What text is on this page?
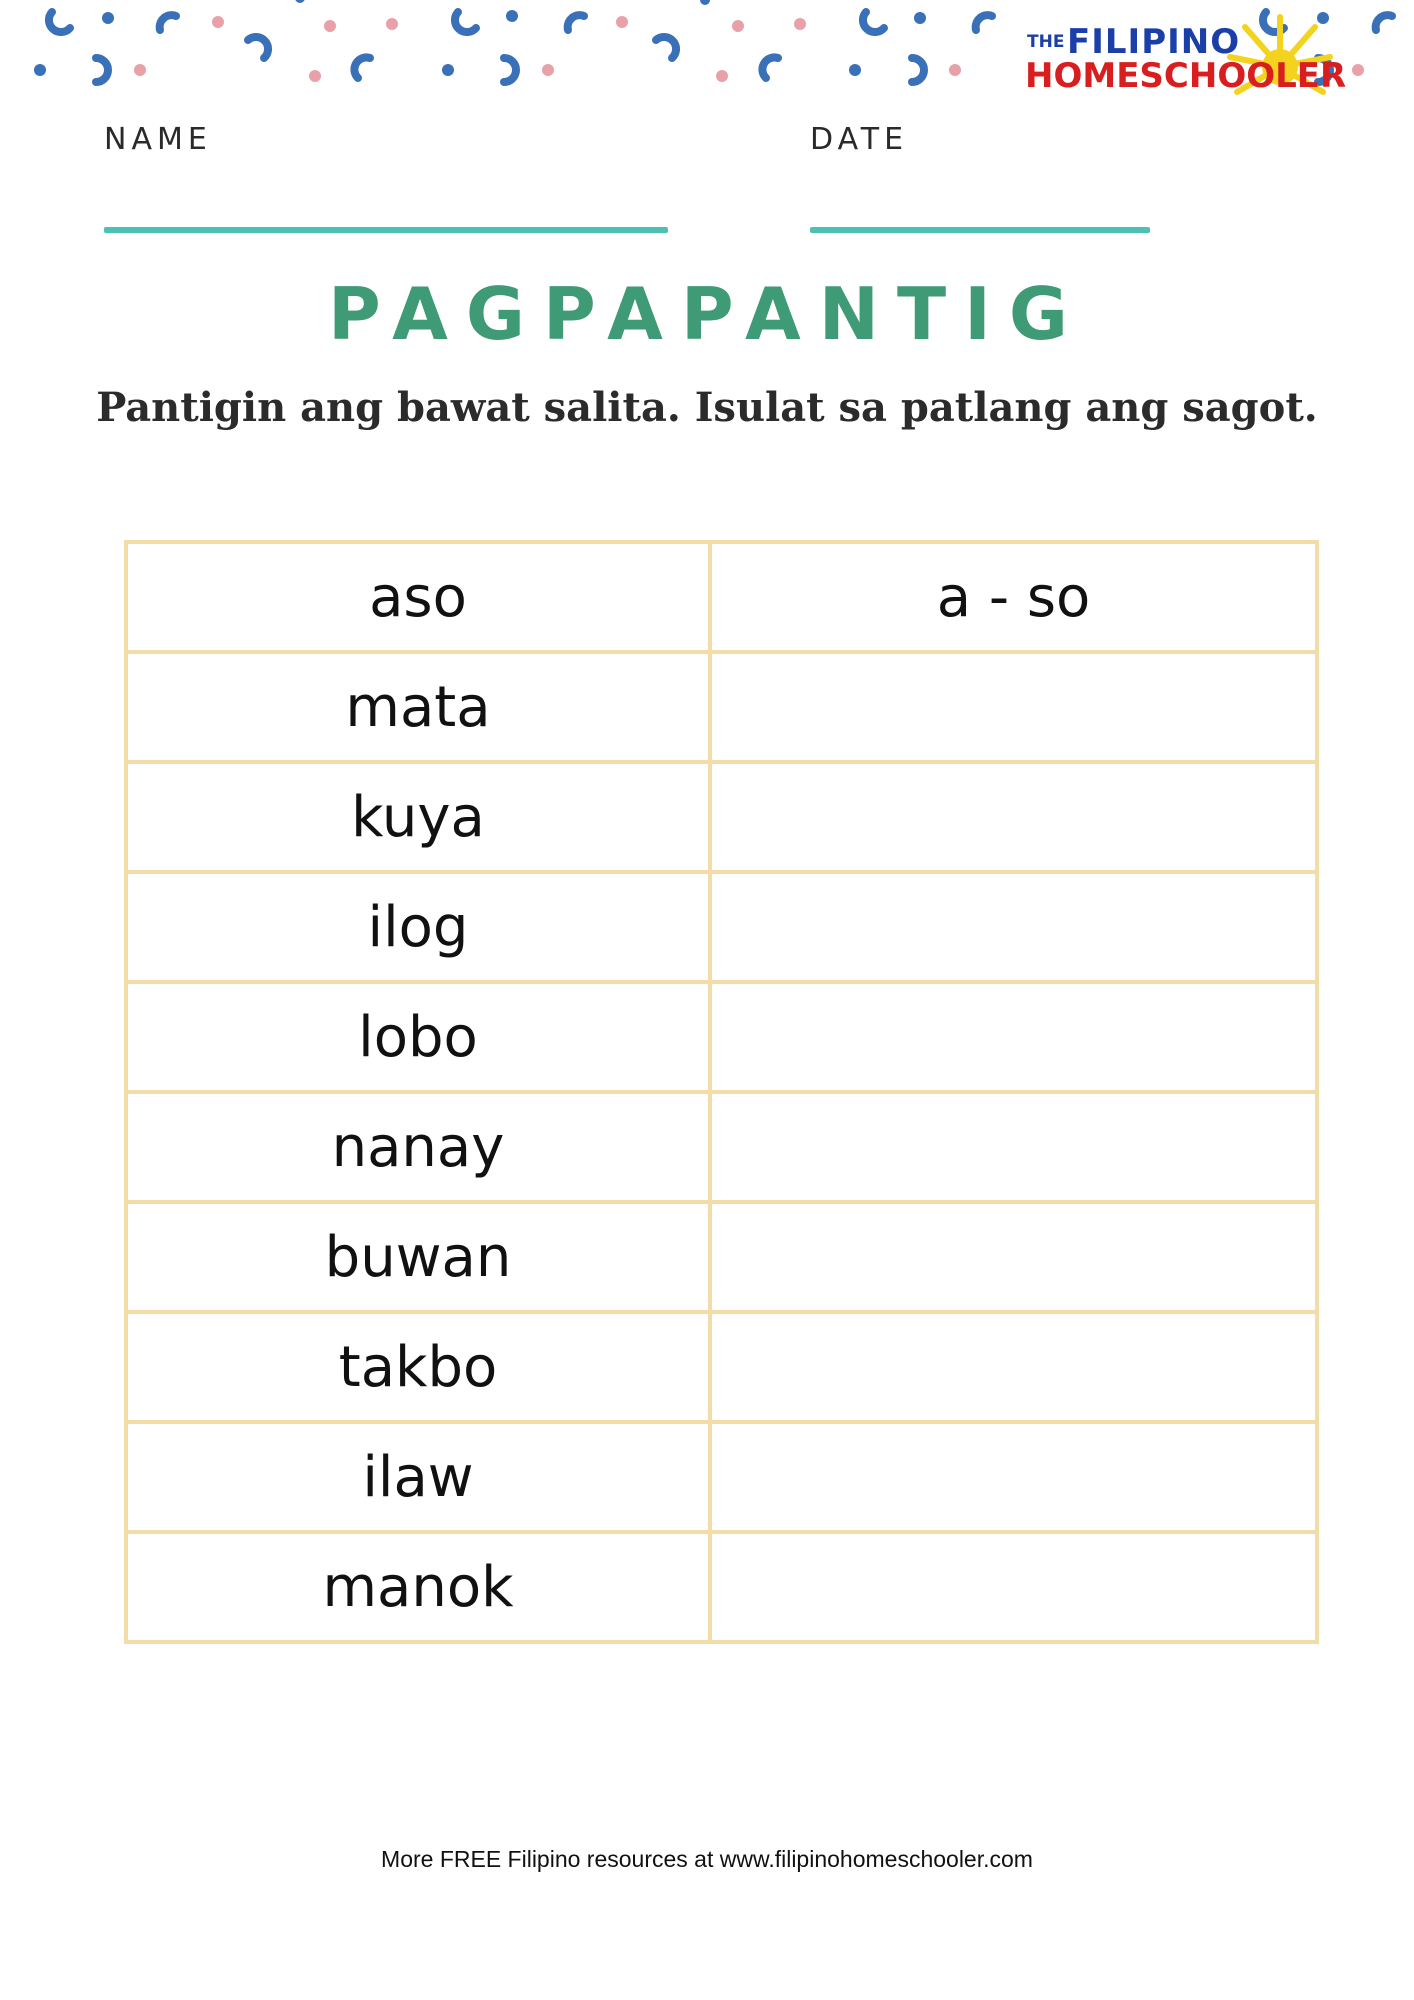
THE FILIPINO
HOMESCHOOLER
NAME	DATE
PAGPAPANTIG
Pantigin ang bawat salita. Isulat sa patlang ang sagot.
aso	a - so
mata	
kuya	
ilog	
lobo	
nanay	
buwan	
takbo	
ilaw	
manok	
More FREE Filipino resources at www.filipinohomeschooler.com
